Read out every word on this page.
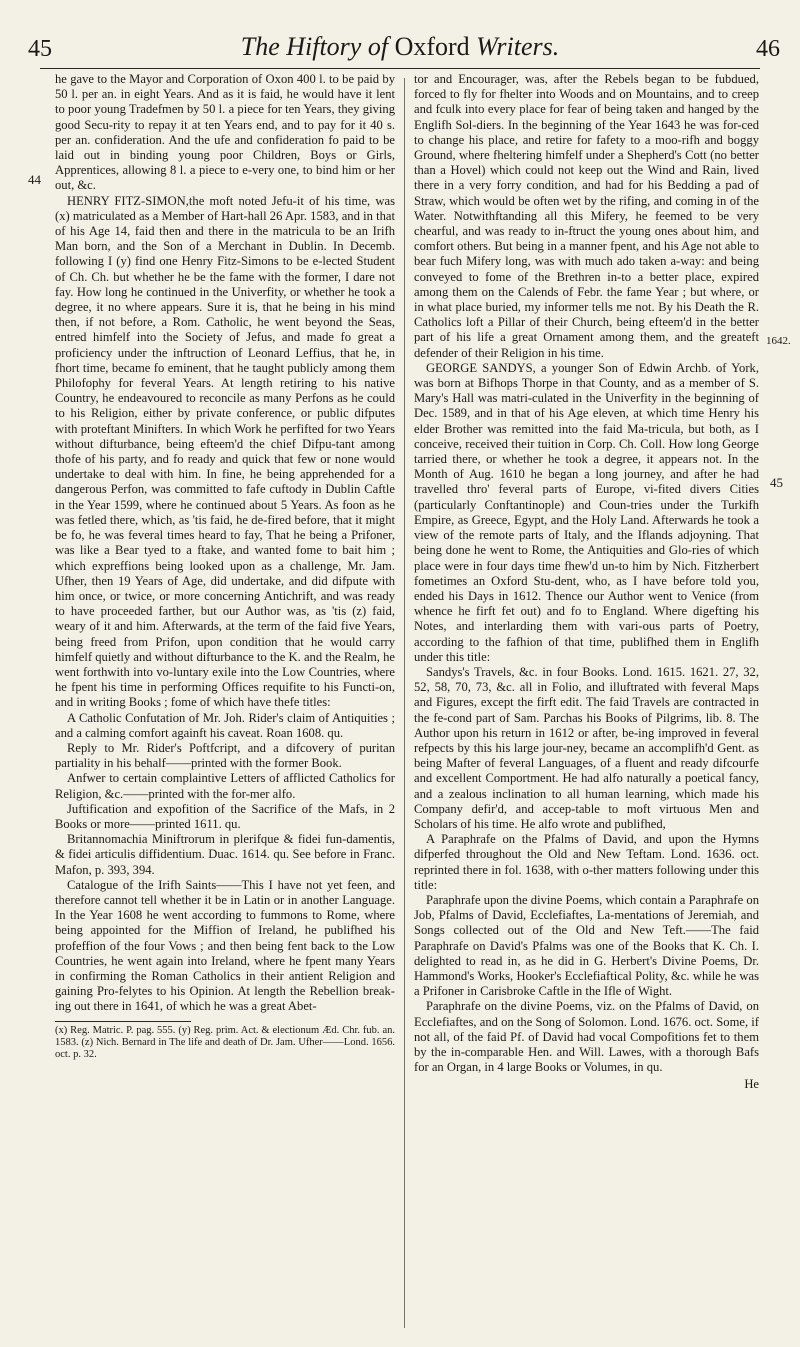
45	The Hiftory of Oxford Writers.	46
44
1642.
45

he gave to the Mayor and Corporation of Oxon 400 l. to be paid by 50 l. per an. in eight Years. And as it is faid, he would have it lent to poor young Tradefmen by 50 l. a piece for ten Years, they giving good Secu-rity to repay it at ten Years end, and to pay for it 40 s. per an. confideration. And the ufe and confideration fo paid to be laid out in binding young poor Children, Boys or Girls, Apprentices, allowing 8 l. a piece to e-very one, to bind him or her out, &c.

HENRY FITZ-SIMON,the moft noted Jefu-it of his time, was (x) matriculated as a Member of Hart-hall 26 Apr. 1583, and in that of his Age 14, faid then and there in the matricula to be an Irifh Man born, and the Son of a Merchant in Dublin. In Decemb. following I (y) find one Henry Fitz-Simons to be e-lected Student of Ch. Ch. but whether he be the fame with the former, I dare not fay. How long he continued in the Univerfity, or whether he took a degree, it no where appears. Sure it is, that he being in his mind then, if not before, a Rom. Catholic, he went beyond the Seas, entred himfelf into the Society of Jefus, and made fo great a proficiency under the inftruction of Leonard Leffius, that he, in fhort time, became fo eminent, that he taught publicly among them Philofophy for feveral Years. At length retiring to his native Country, he endeavoured to reconcile as many Perfons as he could to his Religion, either by private conference, or public difputes with proteftant Minifters. In which Work he perfifted for two Years without difturbance, being efteem'd the chief Difpu-tant among thofe of his party, and fo ready and quick that few or none would undertake to deal with him. In fine, he being apprehended for a dangerous Perfon, was committed to fafe cuftody in Dublin Caftle in the Year 1599, where he continued about 5 Years. As foon as he was fetled there, which, as 'tis faid, he de-fired before, that it might be fo, he was feveral times heard to fay, That he being a Prifoner, was like a Bear tyed to a ftake, and wanted fome to bait him ; which expreffions being looked upon as a challenge, Mr. Jam. Ufher, then 19 Years of Age, did undertake, and did difpute with him once, or twice, or more concerning Antichrift, and was ready to have proceeded farther, but our Author was, as 'tis (z) faid, weary of it and him. Afterwards, at the term of the faid five Years, being freed from Prifon, upon condition that he would carry himfelf quietly and without difturbance to the K. and the Realm, he went forthwith into vo-luntary exile into the Low Countries, where he fpent his time in performing Offices requifite to his Functi-on, and in writing Books ; fome of which have thefe titles:

A Catholic Confutation of Mr. Joh. Rider's claim of Antiquities ; and a calming comfort againft his caveat. Roan 1608. qu.

Reply to Mr. Rider's Poftfcript, and a difcovery of puritan partiality in his behalf——printed with the former Book.

Anfwer to certain complaintive Letters of afflicted Catholics for Religion, &c.——printed with the for-mer alfo.

Juftification and expofition of the Sacrifice of the Mafs, in 2 Books or more——printed 1611. qu.

Britannomachia Miniftrorum in plerifque & fidei fun-damentis, & fidei articulis diffidentium. Duac. 1614. qu. See before in Franc. Mafon, p. 393, 394.

Catalogue of the Irifh Saints——This I have not yet feen, and therefore cannot tell whether it be in Latin or in another Language. In the Year 1608 he went according to fummons to Rome, where being appointed for the Miffion of Ireland, he publifhed his profeffion of the four Vows ; and then being fent back to the Low Countries, he went again into Ireland, where he fpent many Years in confirming the Roman Catholics in their antient Religion and gaining Pro-felytes to his Opinion. At length the Rebellion break-ing out there in 1641, of which he was a great Abet-

(x) Reg. Matric. P. pag. 555. (y) Reg. prim. Act. & electionum Æd. Chr. fub. an. 1583. (z) Nich. Bernard in The life and death of Dr. Jam. Ufher——Lond. 1656. oct. p. 32.

tor and Encourager, was, after the Rebels began to be fubdued, forced to fly for fhelter into Woods and on Mountains, and to creep and fculk into every place for fear of being taken and hanged by the Englifh Sol-diers. In the beginning of the Year 1643 he was for-ced to change his place, and retire for fafety to a moo-rifh and boggy Ground, where fheltering himfelf under a Shepherd's Cott (no better than a Hovel) which could not keep out the Wind and Rain, lived there in a very forry condition, and had for his Bedding a pad of Straw, which would be often wet by the rifing, and coming in of the Water. Notwithftanding all this Mifery, he feemed to be very chearful, and was ready to in-ftruct the young ones about him, and comfort others. But being in a manner fpent, and his Age not able to bear fuch Mifery long, was with much ado taken a-way: and being conveyed to fome of the Brethren in-to a better place, expired among them on the Calends of Febr. the fame Year ; but where, or in what place buried, my informer tells me not. By his Death the R. Catholics loft a Pillar of their Church, being efteem'd in the better part of his life a great Ornament among them, and the greateft defender of their Religion in his time.

GEORGE SANDYS, a younger Son of Edwin Archb. of York, was born at Bifhops Thorpe in that County, and as a member of S. Mary's Hall was matri-culated in the Univerfity in the beginning of Dec. 1589, and in that of his Age eleven, at which time Henry his elder Brother was remitted into the faid Ma-tricula, but both, as I conceive, received their tuition in Corp. Ch. Coll. How long George tarried there, or whether he took a degree, it appears not. In the Month of Aug. 1610 he began a long journey, and after he had travelled thro' feveral parts of Europe, vi-fited divers Cities (particularly Conftantinople) and Coun-tries under the Turkifh Empire, as Greece, Egypt, and the Holy Land. Afterwards he took a view of the remote parts of Italy, and the Iflands adjoyning. That being done he went to Rome, the Antiquities and Glo-ries of which place were in four days time fhew'd un-to him by Nich. Fitzherbert fometimes an Oxford Stu-dent, who, as I have before told you, ended his Days in 1612. Thence our Author went to Venice (from whence he firft fet out) and fo to England. Where digefting his Notes, and interlarding them with vari-ous parts of Poetry, according to the fafhion of that time, publifhed them in Englifh under this title:

Sandys's Travels, &c. in four Books. Lond. 1615. 1621. 27, 32, 52, 58, 70, 73, &c. all in Folio, and illuftrated with feveral Maps and Figures, except the firft edit. The faid Travels are contracted in the fe-cond part of Sam. Parchas his Books of Pilgrims, lib. 8. The Author upon his return in 1612 or after, be-ing improved in feveral refpects by this his large jour-ney, became an accomplifh'd Gent. as being Mafter of feveral Languages, of a fluent and ready difcourfe and excellent Comportment. He had alfo naturally a poetical fancy, and a zealous inclination to all human learning, which made his Company defir'd, and accep-table to moft virtuous Men and Scholars of his time. He alfo wrote and publifhed,

A Paraphrafe on the Pfalms of David, and upon the Hymns difperfed throughout the Old and New Teftam. Lond. 1636. oct. reprinted there in fol. 1638, with o-ther matters following under this title:

Paraphrafe upon the divine Poems, which contain a Paraphrafe on Job, Pfalms of David, Ecclefiaftes, La-mentations of Jeremiah, and Songs collected out of the Old and New Teft.——The faid Paraphrafe on David's Pfalms was one of the Books that K. Ch. I. delighted to read in, as he did in G. Herbert's Divine Poems, Dr. Hammond's Works, Hooker's Ecclefiaftical Polity, &c. while he was a Prifoner in Carisbroke Caftle in the Ifle of Wight.

Paraphrafe on the divine Poems, viz. on the Pfalms of David, on Ecclefiaftes, and on the Song of Solomon. Lond. 1676. oct. Some, if not all, of the faid Pf. of David had vocal Compofitions fet to them by the in-comparable Hen. and Will. Lawes, with a thorough Bafs for an Organ, in 4 large Books or Volumes, in qu.

He
